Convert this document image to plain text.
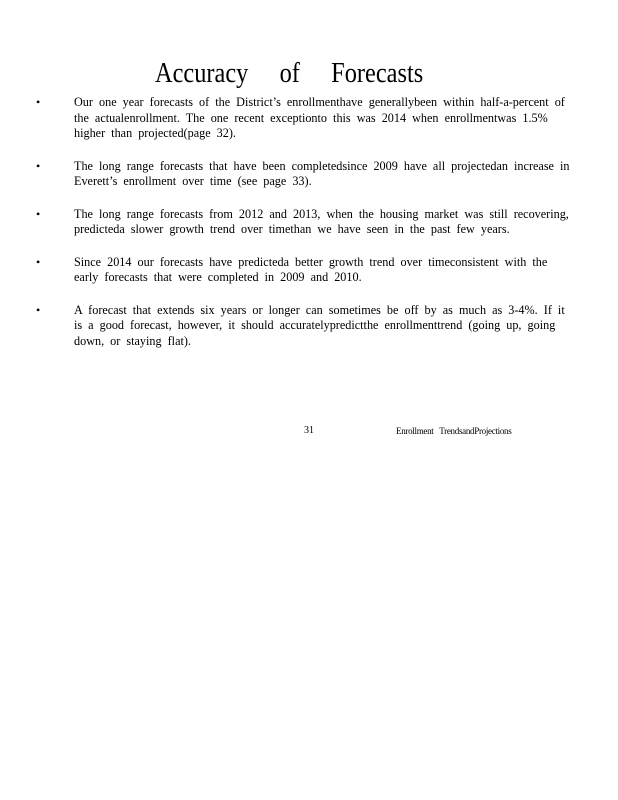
Accuracy of Forecasts
•	Our one year forecasts of the District’s enrollmenthave generallybeen within half-a-percent of the actualenrollment. The one recent exceptionto this was 2014 when enrollmentwas 1.5% higher than projected(page 32).
•	The long range forecasts that have been completedsince 2009 have all projectedan increase in Everett’s enrollment over time (see page 33).
•	The long range forecasts from 2012 and 2013, when the housing market was still recovering, predicteda slower growth trend over timethan we have seen in the past few years.
•	Since 2014 our forecasts have predicteda better growth trend over timeconsistent with the early forecasts that were completed in 2009 and 2010.
•	A forecast that extends six years or longer can sometimes be off by as much as 3-4%. If it is a good forecast, however, it should accuratelypredictthe enrollmenttrend (going up, going down, or staying flat).
31	Enrollment TrendsandProjections
